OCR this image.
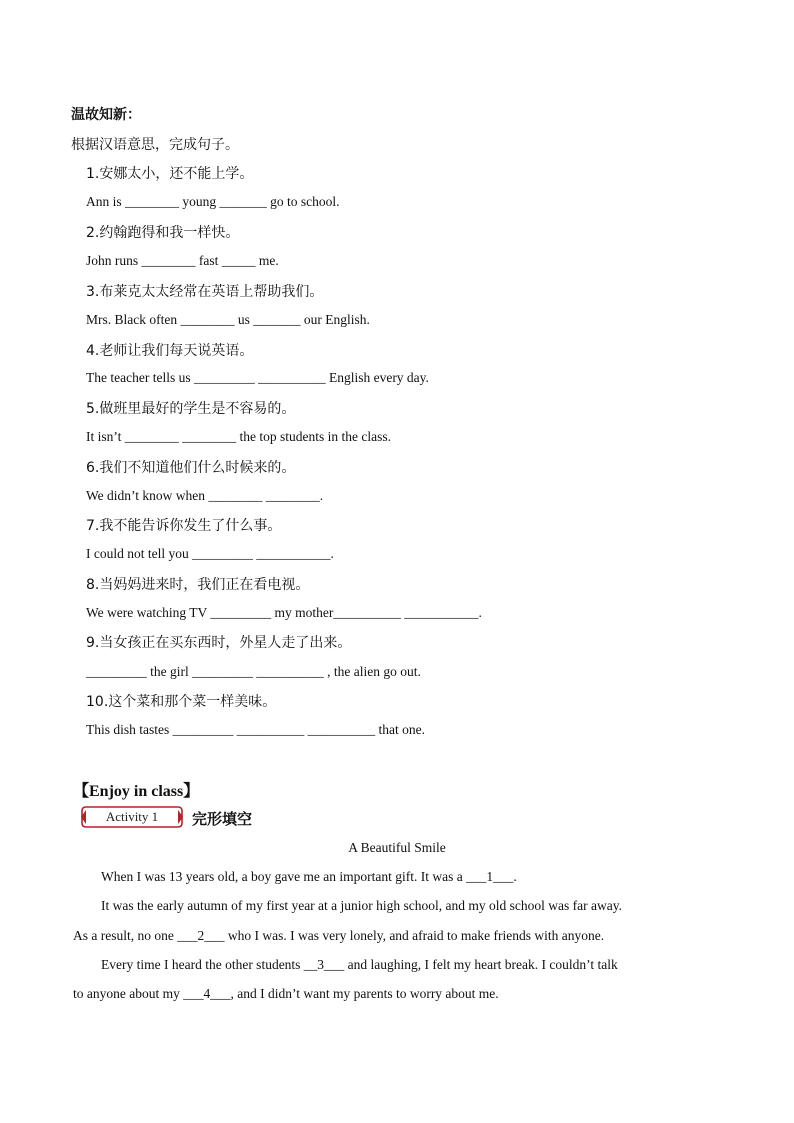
温故知新：
根据汉语意思，完成句子。
1.安娜太小，还不能上学。
Ann is ________ young _______ go to school.
2.约翰跑得和我一样快。
John runs ________ fast _____ me.
3.布莱克太太经常在英语上帮助我们。
Mrs. Black often ________ us _______ our English.
4.老师让我们每天说英语。
The teacher tells us _________ __________ English every day.
5.做班里最好的学生是不容易的。
It isn’t ________ ________ the top students in the class.
6.我们不知道他们什么时候来的。
We didn’t know when ________ ________.
7.我不能告诉你发生了什么事。
I could not tell you _________ ___________.
8.当妈妈进来时，我们正在看电视。
We were watching TV _________ my mother__________ ___________.
9.当女孩正在买东西时，外星人走了出来。
_________ the girl _________ __________ , the alien go out.
10.这个菜和那个菜一样美味。
This dish tastes _________ __________ __________ that one.
【Enjoy in class】
Activity 1	完形填空
A Beautiful Smile
When I was 13 years old, a boy gave me an important gift. It was a ___1___.
It was the early autumn of my first year at a junior high school, and my old school was far away.
As a result, no one ___2___ who I was. I was very lonely, and afraid to make friends with anyone.
Every time I heard the other students __3___ and laughing, I felt my heart break. I couldn’t talk
to anyone about my ___4___, and I didn’t want my parents to worry about me.
